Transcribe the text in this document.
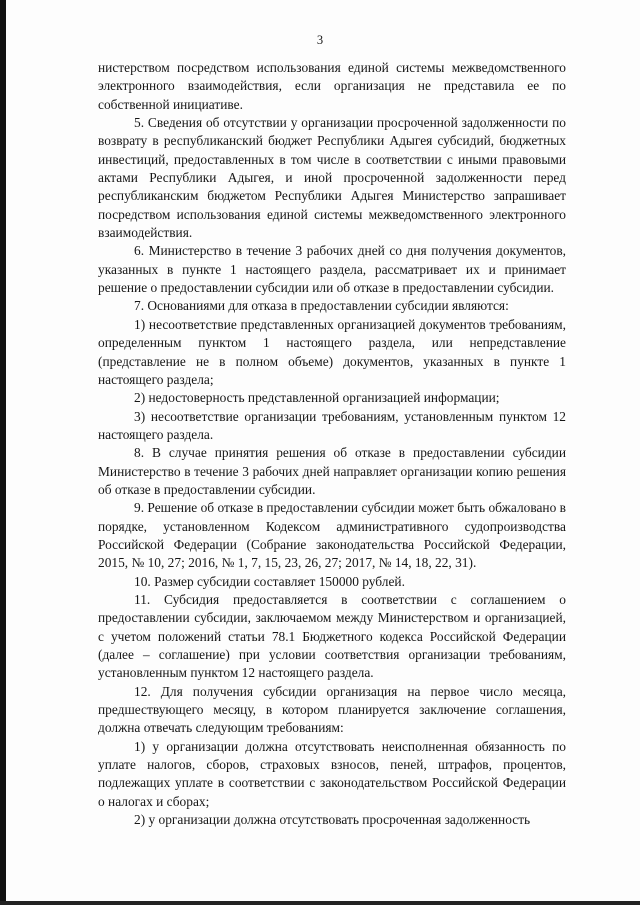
3

нистерством посредством использования единой системы межведомственного электронного взаимодействия, если организация не представила ее по собственной инициативе.

5. Сведения об отсутствии у организации просроченной задолженности по возврату в республиканский бюджет Республики Адыгея субсидий, бюджетных инвестиций, предоставленных в том числе в соответствии с иными правовыми актами Республики Адыгея, и иной просроченной задолженности перед республиканским бюджетом Республики Адыгея Министерство запрашивает посредством использования единой системы межведомственного электронного взаимодействия.

6. Министерство в течение 3 рабочих дней со дня получения документов, указанных в пункте 1 настоящего раздела, рассматривает их и принимает решение о предоставлении субсидии или об отказе в предоставлении субсидии.

7. Основаниями для отказа в предоставлении субсидии являются:

1) несоответствие представленных организацией документов требованиям, определенным пунктом 1 настоящего раздела, или непредставление (представление не в полном объеме) документов, указанных в пункте 1 настоящего раздела;

2) недостоверность представленной организацией информации;

3) несоответствие организации требованиям, установленным пунктом 12 настоящего раздела.

8. В случае принятия решения об отказе в предоставлении субсидии Министерство в течение 3 рабочих дней направляет организации копию решения об отказе в предоставлении субсидии.

9. Решение об отказе в предоставлении субсидии может быть обжаловано в порядке, установленном Кодексом административного судопроизводства Российской Федерации (Собрание законодательства Российской Федерации, 2015, № 10, 27; 2016, № 1, 7, 15, 23, 26, 27; 2017, № 14, 18, 22, 31).

10. Размер субсидии составляет 150000 рублей.

11. Субсидия предоставляется в соответствии с соглашением о предоставлении субсидии, заключаемом между Министерством и организацией, с учетом положений статьи 78.1 Бюджетного кодекса Российской Федерации (далее – соглашение) при условии соответствия организации требованиям, установленным пунктом 12 настоящего раздела.

12. Для получения субсидии организация на первое число месяца, предшествующего месяцу, в котором планируется заключение соглашения, должна отвечать следующим требованиям:

1) у организации должна отсутствовать неисполненная обязанность по уплате налогов, сборов, страховых взносов, пеней, штрафов, процентов, подлежащих уплате в соответствии с законодательством Российской Федерации о налогах и сборах;

2) у организации должна отсутствовать просроченная задолженность
